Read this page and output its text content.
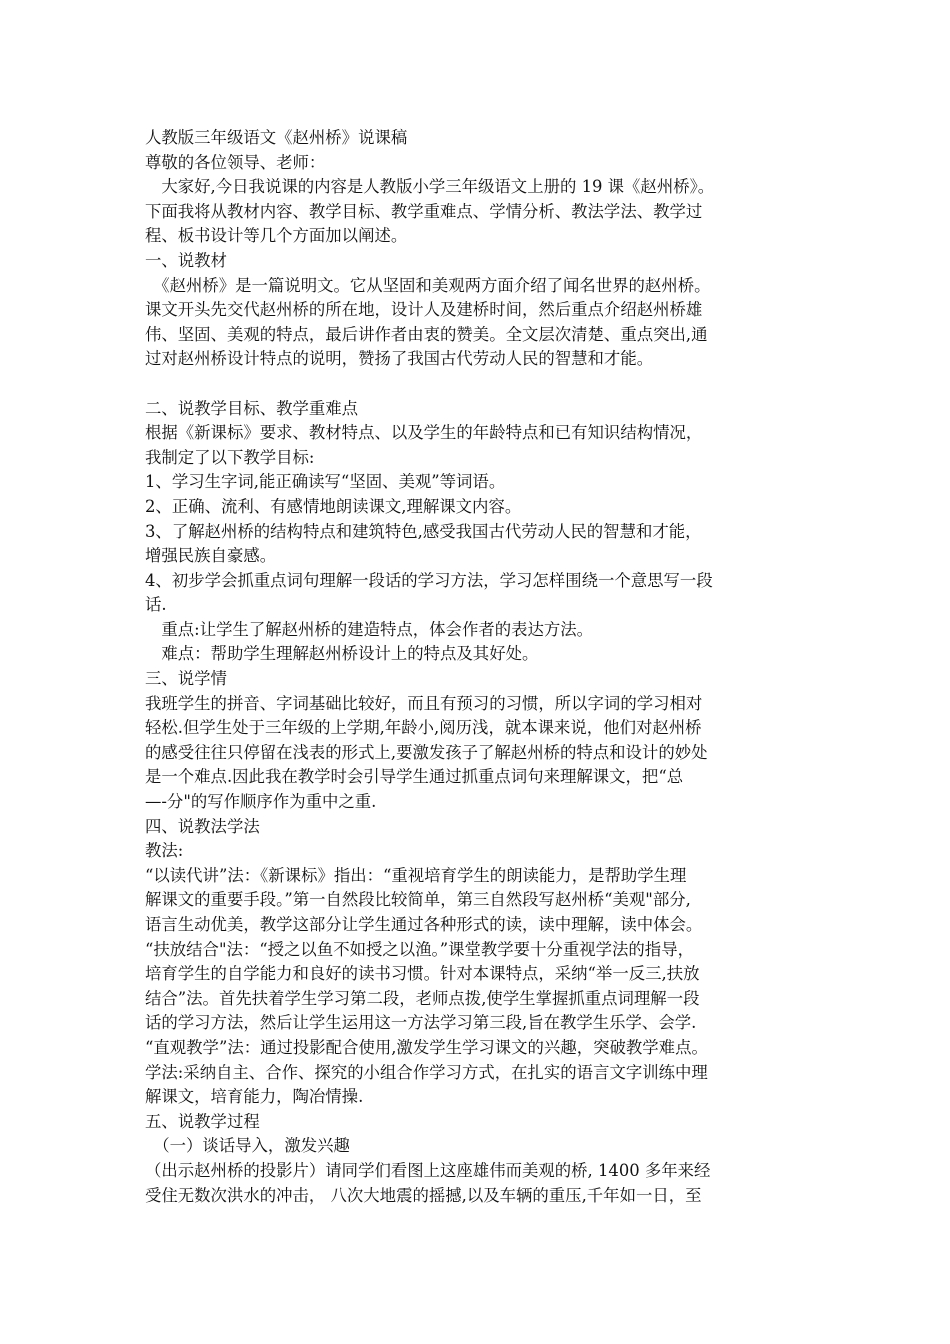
人教版三年级语文《赵州桥》说课稿
尊敬的各位领导、老师：
　大家好,今日我说课的内容是人教版小学三年级语文上册的 19 课《赵州桥》。
下面我将从教材内容、教学目标、教学重难点、学情分析、教法学法、教学过
程、板书设计等几个方面加以阐述。
一、说教材
　《赵州桥》是一篇说明文。它从坚固和美观两方面介绍了闻名世界的赵州桥。
课文开头先交代赵州桥的所在地，设计人及建桥时间，然后重点介绍赵州桥雄
伟、坚固、美观的特点，最后讲作者由衷的赞美。全文层次清楚、重点突出,通
过对赵州桥设计特点的说明，赞扬了我国古代劳动人民的智慧和才能。
二、说教学目标、教学重难点
根据《新课标》要求、教材特点、以及学生的年龄特点和已有知识结构情况，
我制定了以下教学目标:
1、学习生字词,能正确读写“坚固、美观”等词语。
2、正确、流利、有感情地朗读课文,理解课文内容。
3、了解赵州桥的结构特点和建筑特色,感受我国古代劳动人民的智慧和才能，
增强民族自豪感。
4、初步学会抓重点词句理解一段话的学习方法，学习怎样围绕一个意思写一段
话.
　重点:让学生了解赵州桥的建造特点，体会作者的表达方法。
　难点：帮助学生理解赵州桥设计上的特点及其好处。
三、说学情
我班学生的拼音、字词基础比较好，而且有预习的习惯，所以字词的学习相对
轻松.但学生处于三年级的上学期,年龄小,阅历浅，就本课来说，他们对赵州桥
的感受往往只停留在浅表的形式上,要激发孩子了解赵州桥的特点和设计的妙处
是一个难点.因此我在教学时会引导学生通过抓重点词句来理解课文，把“总
—-分"的写作顺序作为重中之重.
四、说教法学法
教法:
“以读代讲”法：《新课标》指出：“重视培育学生的朗读能力，是帮助学生理
解课文的重要手段。”第一自然段比较简单，第三自然段写赵州桥“美观"部分,
语言生动优美，教学这部分让学生通过各种形式的读，读中理解，读中体会。
“扶放结合"法：“授之以鱼不如授之以渔。”课堂教学要十分重视学法的指导，
培育学生的自学能力和良好的读书习惯。针对本课特点，采纳“举一反三,扶放
结合”法。首先扶着学生学习第二段，老师点拨,使学生掌握抓重点词理解一段
话的学习方法，然后让学生运用这一方法学习第三段,旨在教学生乐学、会学.
“直观教学”法：通过投影配合使用,激发学生学习课文的兴趣，突破教学难点。
学法:采纳自主、合作、探究的小组合作学习方式，在扎实的语言文字训练中理
解课文，培育能力，陶冶情操.
五、说教学过程
　（一）谈话导入，激发兴趣
（出示赵州桥的投影片）请同学们看图上这座雄伟而美观的桥, 1400 多年来经
受住无数次洪水的冲击， 八次大地震的摇撼,以及车辆的重压,千年如一日，至
